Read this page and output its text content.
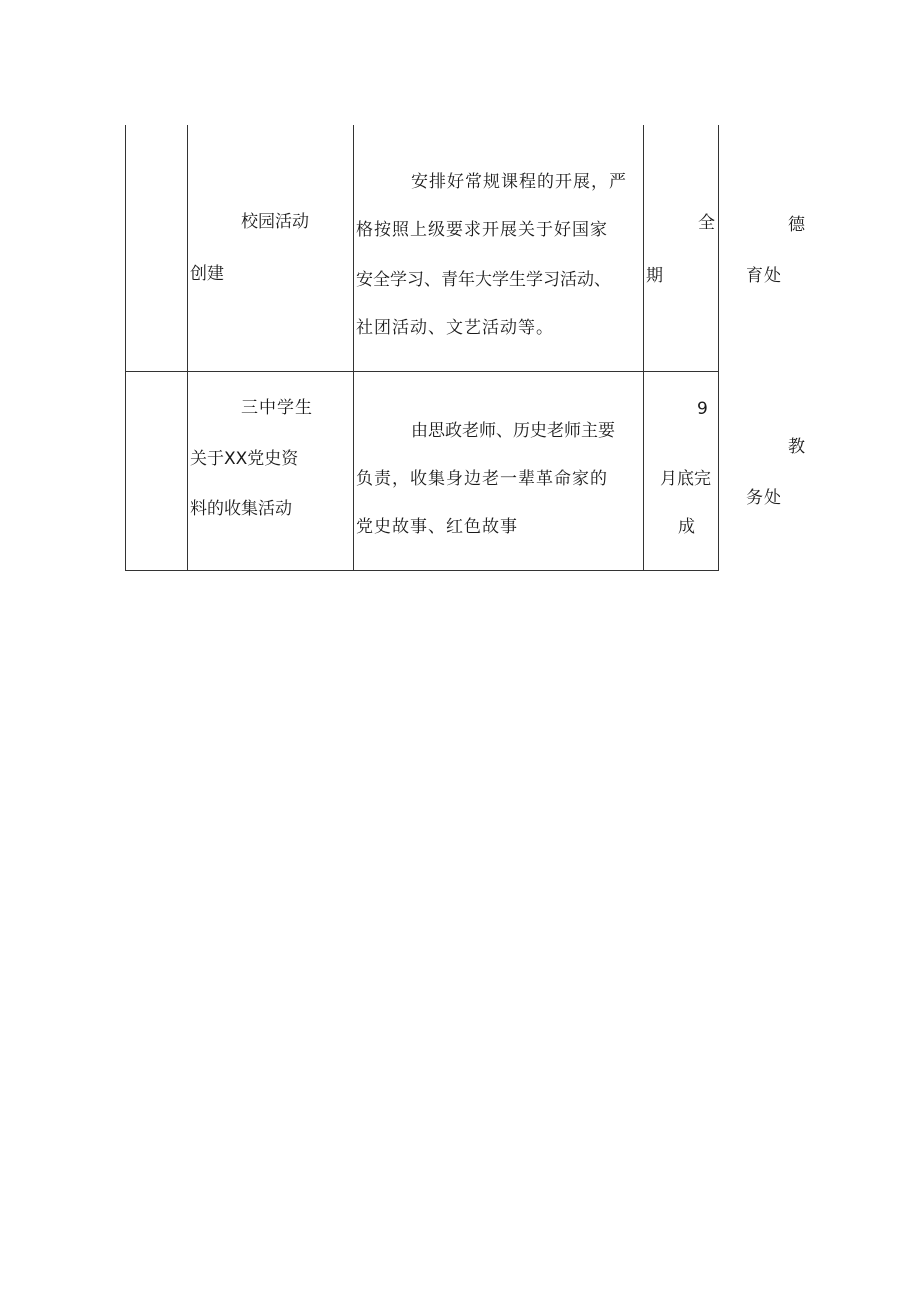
校园活动
创建
安排好常规课程的开展，严
格按照上级要求开展关于好国家
安全学习、青年大学生学习活动、
社团活动、文艺活动等。
全
期
德
育处
三中学生
关于XX党史资
料的收集活动
由思政老师、历史老师主要
负责，收集身边老一辈革命家的
党史故事、红色故事
9
月底完
成
教
务处
